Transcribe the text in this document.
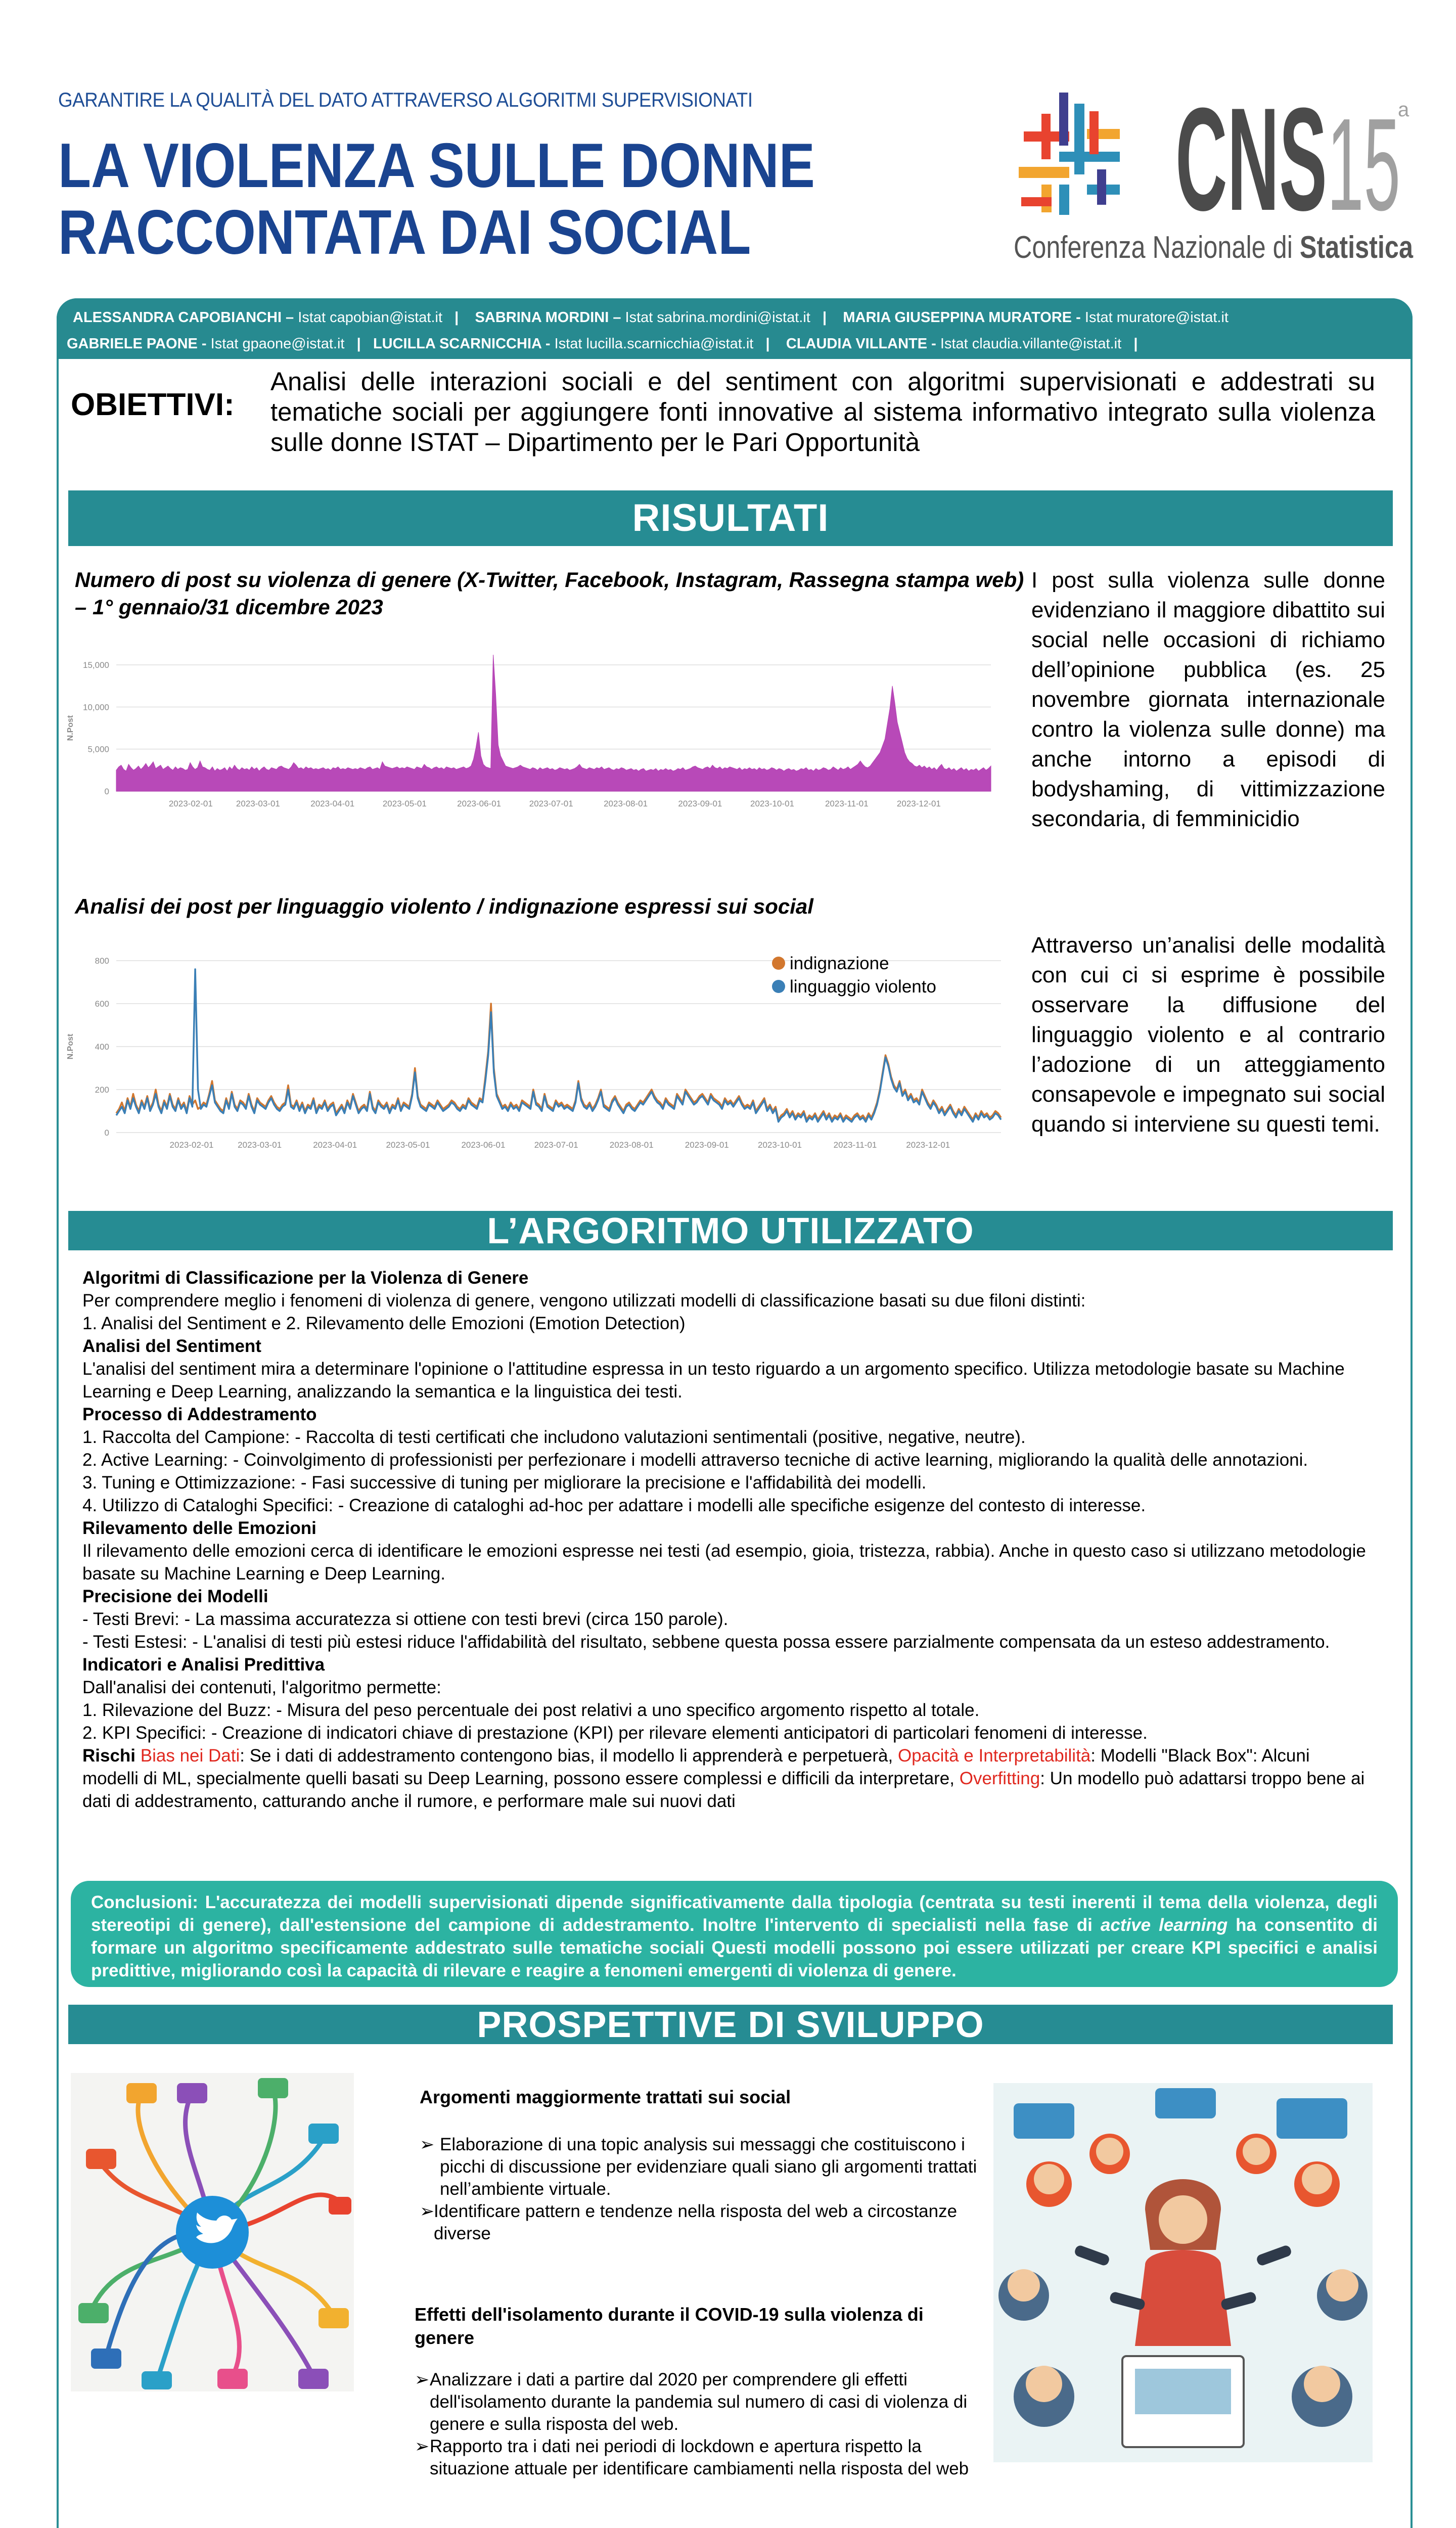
GARANTIRE LA QUALITÀ DEL DATO ATTRAVERSO ALGORITMI SUPERVISIONATI
LA VIOLENZA SULLE DONNE
RACCONTATA DAI SOCIAL	CNS 15
a
Conferenza Nazionale di Statisti
ALESSANDRA CAPOBIANCHI – Istat capobian@istat.it | SABRINA MORDINI – Istat sabrina.mordini@istat.it | MARIA GIUSEPPINA MURATORE - Istat muratore@istat.it
GABRIELE PAONE - Istat gpaone@istat.it | LUCILLA SCARNICCHIA - Istat lucilla.scarnicchia@istat.it | CLAUDIA VILLANTE - Istat claudia.villante@istat.it |
OBIETTIVI:
Analisi delle interazioni sociali e del sentiment con algoritmi supervisionati e addestrati su tematiche sociali per aggiungere fonti innovative al sistema informativo integrato sulla violenza sulle donne ISTAT – Dipartimento per le Pari Opportunità
RISULTATI
Numero di post su violenza di genere (X-Twitter, Facebook, Instagram, Rassegna stampa web) – 1° gennaio/31 dicembre 2023
0
5,000
10,000
15,000
2023-02-01	2023-03-01	2023-04-01	2023-05-01	2023-06-01	2023-07-01	2023-08-01	2023-09-01	2023-10-01	2023-11-01	2023-12-01
N.Post
I post sulla violenza sulle donne evidenziano il maggiore dibattito sui social nelle occasioni di richiamo dell’opinione pubblica (es. 25 novembre giornata internazionale contro la violenza sulle donne) ma anche intorno a episodi di bodyshaming, di vittimizzazione secondaria, di femminicidio
Analisi dei post per linguaggio violento / indignazione espressi sui social
0
200
400
600
800
2023-02-01	2023-03-01	2023-04-01	2023-05-01	2023-06-01	2023-07-01	2023-08-01	2023-09-01	2023-10-01	2023-11-01	2023-12-01
N.Post
indignazione
linguaggio violento
Attraverso un’analisi delle modalità con cui ci si esprime è possibile osservare la diffusione del linguaggio violento e al contrario l’adozione di un atteggiamento consapevole e impegnato sui social quando si interviene su questi temi.
L’ARGORITMO UTILIZZATO

Algoritmi di Classificazione per la Violenza di Genere

Per comprendere meglio i fenomeni di violenza di genere, vengono utilizzati modelli di classificazione basati su due filoni distinti:

1. Analisi del Sentiment e 2. Rilevamento delle Emozioni (Emotion Detection)

Analisi del Sentiment

L'analisi del sentiment mira a determinare l'opinione o l'attitudine espressa in un testo riguardo a un argomento specifico. Utilizza metodologie basate su Machine Learning e Deep Learning, analizzando la semantica e la linguistica dei testi.

Processo di Addestramento

1. Raccolta del Campione: - Raccolta di testi certificati che includono valutazioni sentimentali (positive, negative, neutre).

2. Active Learning: - Coinvolgimento di professionisti per perfezionare i modelli attraverso tecniche di active learning, migliorando la qualità delle annotazioni.

3. Tuning e Ottimizzazione: - Fasi successive di tuning per migliorare la precisione e l'affidabilità dei modelli.

4. Utilizzo di Cataloghi Specifici: - Creazione di cataloghi ad-hoc per adattare i modelli alle specifiche esigenze del contesto di interesse.

Rilevamento delle Emozioni

Il rilevamento delle emozioni cerca di identificare le emozioni espresse nei testi (ad esempio, gioia, tristezza, rabbia). Anche in questo caso si utilizzano metodologie basate su Machine Learning e Deep Learning.

Precisione dei Modelli

- Testi Brevi: - La massima accuratezza si ottiene con testi brevi (circa 150 parole).

- Testi Estesi: - L'analisi di testi più estesi riduce l'affidabilità del risultato, sebbene questa possa essere parzialmente compensata da un esteso addestramento.

Indicatori e Analisi Predittiva

Dall'analisi dei contenuti, l'algoritmo permette:

1. Rilevazione del Buzz: - Misura del peso percentuale dei post relativi a uno specifico argomento rispetto al totale.

2. KPI Specifici: - Creazione di indicatori chiave di prestazione (KPI) per rilevare elementi anticipatori di particolari fenomeni di interesse.

Rischi Bias nei Dati: Se i dati di addestramento contengono bias, il modello li apprenderà e perpetuerà, Opacità e Interpretabilità: Modelli "Black Box": Alcuni modelli di ML, specialmente quelli basati su Deep Learning, possono essere complessi e difficili da interpretare, Overfitting: Un modello può adattarsi troppo bene ai dati di addestramento, catturando anche il rumore, e performare male sui nuovi dati

Conclusioni: L'accuratezza dei modelli supervisionati dipende significativamente dalla tipologia (centrata su testi inerenti il tema della violenza, degli stereotipi di genere), dall'estensione del campione di addestramento. Inoltre l'intervento di specialisti nella fase di active learning ha consentito di formare un algoritmo specificamente addestrato sulle tematiche sociali Questi modelli possono poi essere utilizzati per creare KPI specifici e analisi predittive, migliorando così la capacità di rilevare e reagire a fenomeni emergenti di violenza di genere.
PROSPETTIVE DI SVILUPPO
Argomenti maggiormente trattati sui social
➢ Elaborazione di una topic analysis sui messaggi che costituiscono i picchi di discussione per evidenziare quali siano gli argomenti trattati nell’ambiente virtuale.
➢
Identificare pattern e tendenze nella risposta del web a circostanze diverse
Effetti dell'isolamento durante il COVID-19 sulla violenza di genere
➢ Analizzare i dati a partire dal 2020 per comprendere gli effetti dell'isolamento durante la pandemia sul numero di casi di violenza di genere e sulla risposta del web.
➢ Rapporto tra i dati nei periodi di lockdown e apertura rispetto la situazione attuale per identificare cambiamenti nella risposta del web
